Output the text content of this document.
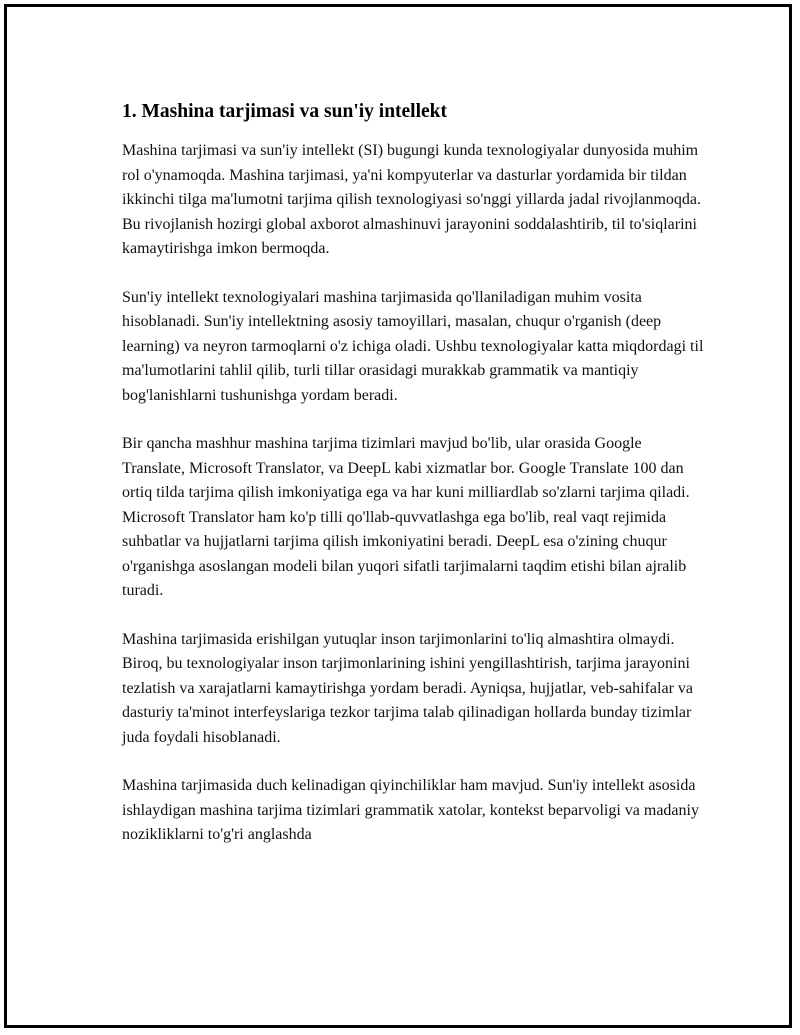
1. Mashina tarjimasi va sun'iy intellekt

Mashina tarjimasi va sun'iy intellekt (SI) bugungi kunda texnologiyalar dunyosida muhim rol o'ynamoqda. Mashina tarjimasi, ya'ni kompyuterlar va dasturlar yordamida bir tildan ikkinchi tilga ma'lumotni tarjima qilish texnologiyasi so'nggi yillarda jadal rivojlanmoqda. Bu rivojlanish hozirgi global axborot almashinuvi jarayonini soddalashtirib, til to'siqlarini kamaytirishga imkon bermoqda.

Sun'iy intellekt texnologiyalari mashina tarjimasida qo'llaniladigan muhim vosita hisoblanadi. Sun'iy intellektning asosiy tamoyillari, masalan, chuqur o'rganish (deep learning) va neyron tarmoqlarni o'z ichiga oladi. Ushbu texnologiyalar katta miqdordagi til ma'lumotlarini tahlil qilib, turli tillar orasidagi murakkab grammatik va mantiqiy bog'lanishlarni tushunishga yordam beradi.

Bir qancha mashhur mashina tarjima tizimlari mavjud bo'lib, ular orasida Google Translate, Microsoft Translator, va DeepL kabi xizmatlar bor. Google Translate 100 dan ortiq tilda tarjima qilish imkoniyatiga ega va har kuni milliardlab so'zlarni tarjima qiladi. Microsoft Translator ham ko'p tilli qo'llab-quvvatlashga ega bo'lib, real vaqt rejimida suhbatlar va hujjatlarni tarjima qilish imkoniyatini beradi. DeepL esa o'zining chuqur o'rganishga asoslangan modeli bilan yuqori sifatli tarjimalarni taqdim etishi bilan ajralib turadi.

Mashina tarjimasida erishilgan yutuqlar inson tarjimonlarini to'liq almashtira olmaydi. Biroq, bu texnologiyalar inson tarjimonlarining ishini yengillashtirish, tarjima jarayonini tezlatish va xarajatlarni kamaytirishga yordam beradi. Ayniqsa, hujjatlar, veb-sahifalar va dasturiy ta'minot interfeyslariga tezkor tarjima talab qilinadigan hollarda bunday tizimlar juda foydali hisoblanadi.

Mashina tarjimasida duch kelinadigan qiyinchiliklar ham mavjud. Sun'iy intellekt asosida ishlaydigan mashina tarjima tizimlari grammatik xatolar, kontekst beparvoligi va madaniy nozikliklarni to'g'ri anglashda
